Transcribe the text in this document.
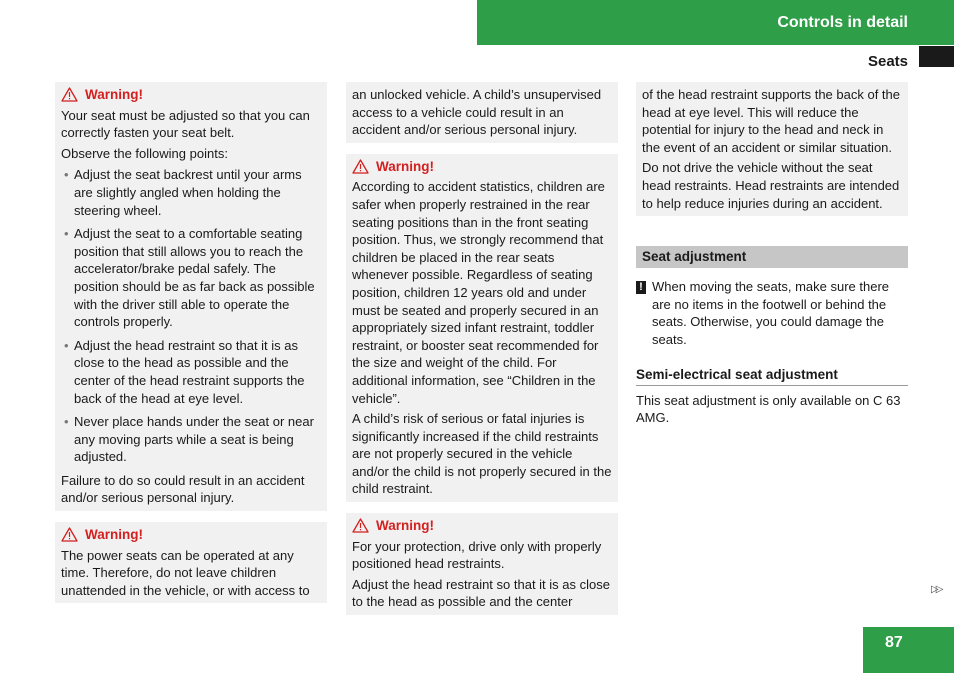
Controls in detail
Seats
Warning!

Your seat must be adjusted so that you can correctly fasten your seat belt.

Observe the following points:

• Adjust the seat backrest until your arms are slightly angled when holding the steering wheel.
• Adjust the seat to a comfortable seating position that still allows you to reach the accelerator/brake pedal safely. The position should be as far back as possible with the driver still able to operate the controls properly.
• Adjust the head restraint so that it is as close to the head as possible and the center of the head restraint supports the back of the head at eye level.
• Never place hands under the seat or near any moving parts while a seat is being adjusted.

Failure to do so could result in an accident and/or serious personal injury.

Warning!

The power seats can be operated at any time. Therefore, do not leave children unattended in the vehicle, or with access to

an unlocked vehicle. A child’s unsupervised access to a vehicle could result in an accident and/or serious personal injury.

Warning!

According to accident statistics, children are safer when properly restrained in the rear seating positions than in the front seating position. Thus, we strongly recommend that children be placed in the rear seats whenever possible. Regardless of seating position, children 12 years old and under must be seated and properly secured in an appropriately sized infant restraint, toddler restraint, or booster seat recommended for the size and weight of the child. For additional information, see “Children in the vehicle”.

A child’s risk of serious or fatal injuries is significantly increased if the child restraints are not properly secured in the vehicle and/or the child is not properly secured in the child restraint.

Warning!

For your protection, drive only with properly positioned head restraints.

Adjust the head restraint so that it is as close to the head as possible and the center

of the head restraint supports the back of the head at eye level. This will reduce the potential for injury to the head and neck in the event of an accident or similar situation.

Do not drive the vehicle without the seat head restraints. Head restraints are intended to help reduce injuries during an accident.

Seat adjustment
! When moving the seats, make sure there are no items in the footwell or behind the seats. Otherwise, you could damage the seats.
Semi-electrical seat adjustment
This seat adjustment is only available on C 63 AMG.
▷▷
87
